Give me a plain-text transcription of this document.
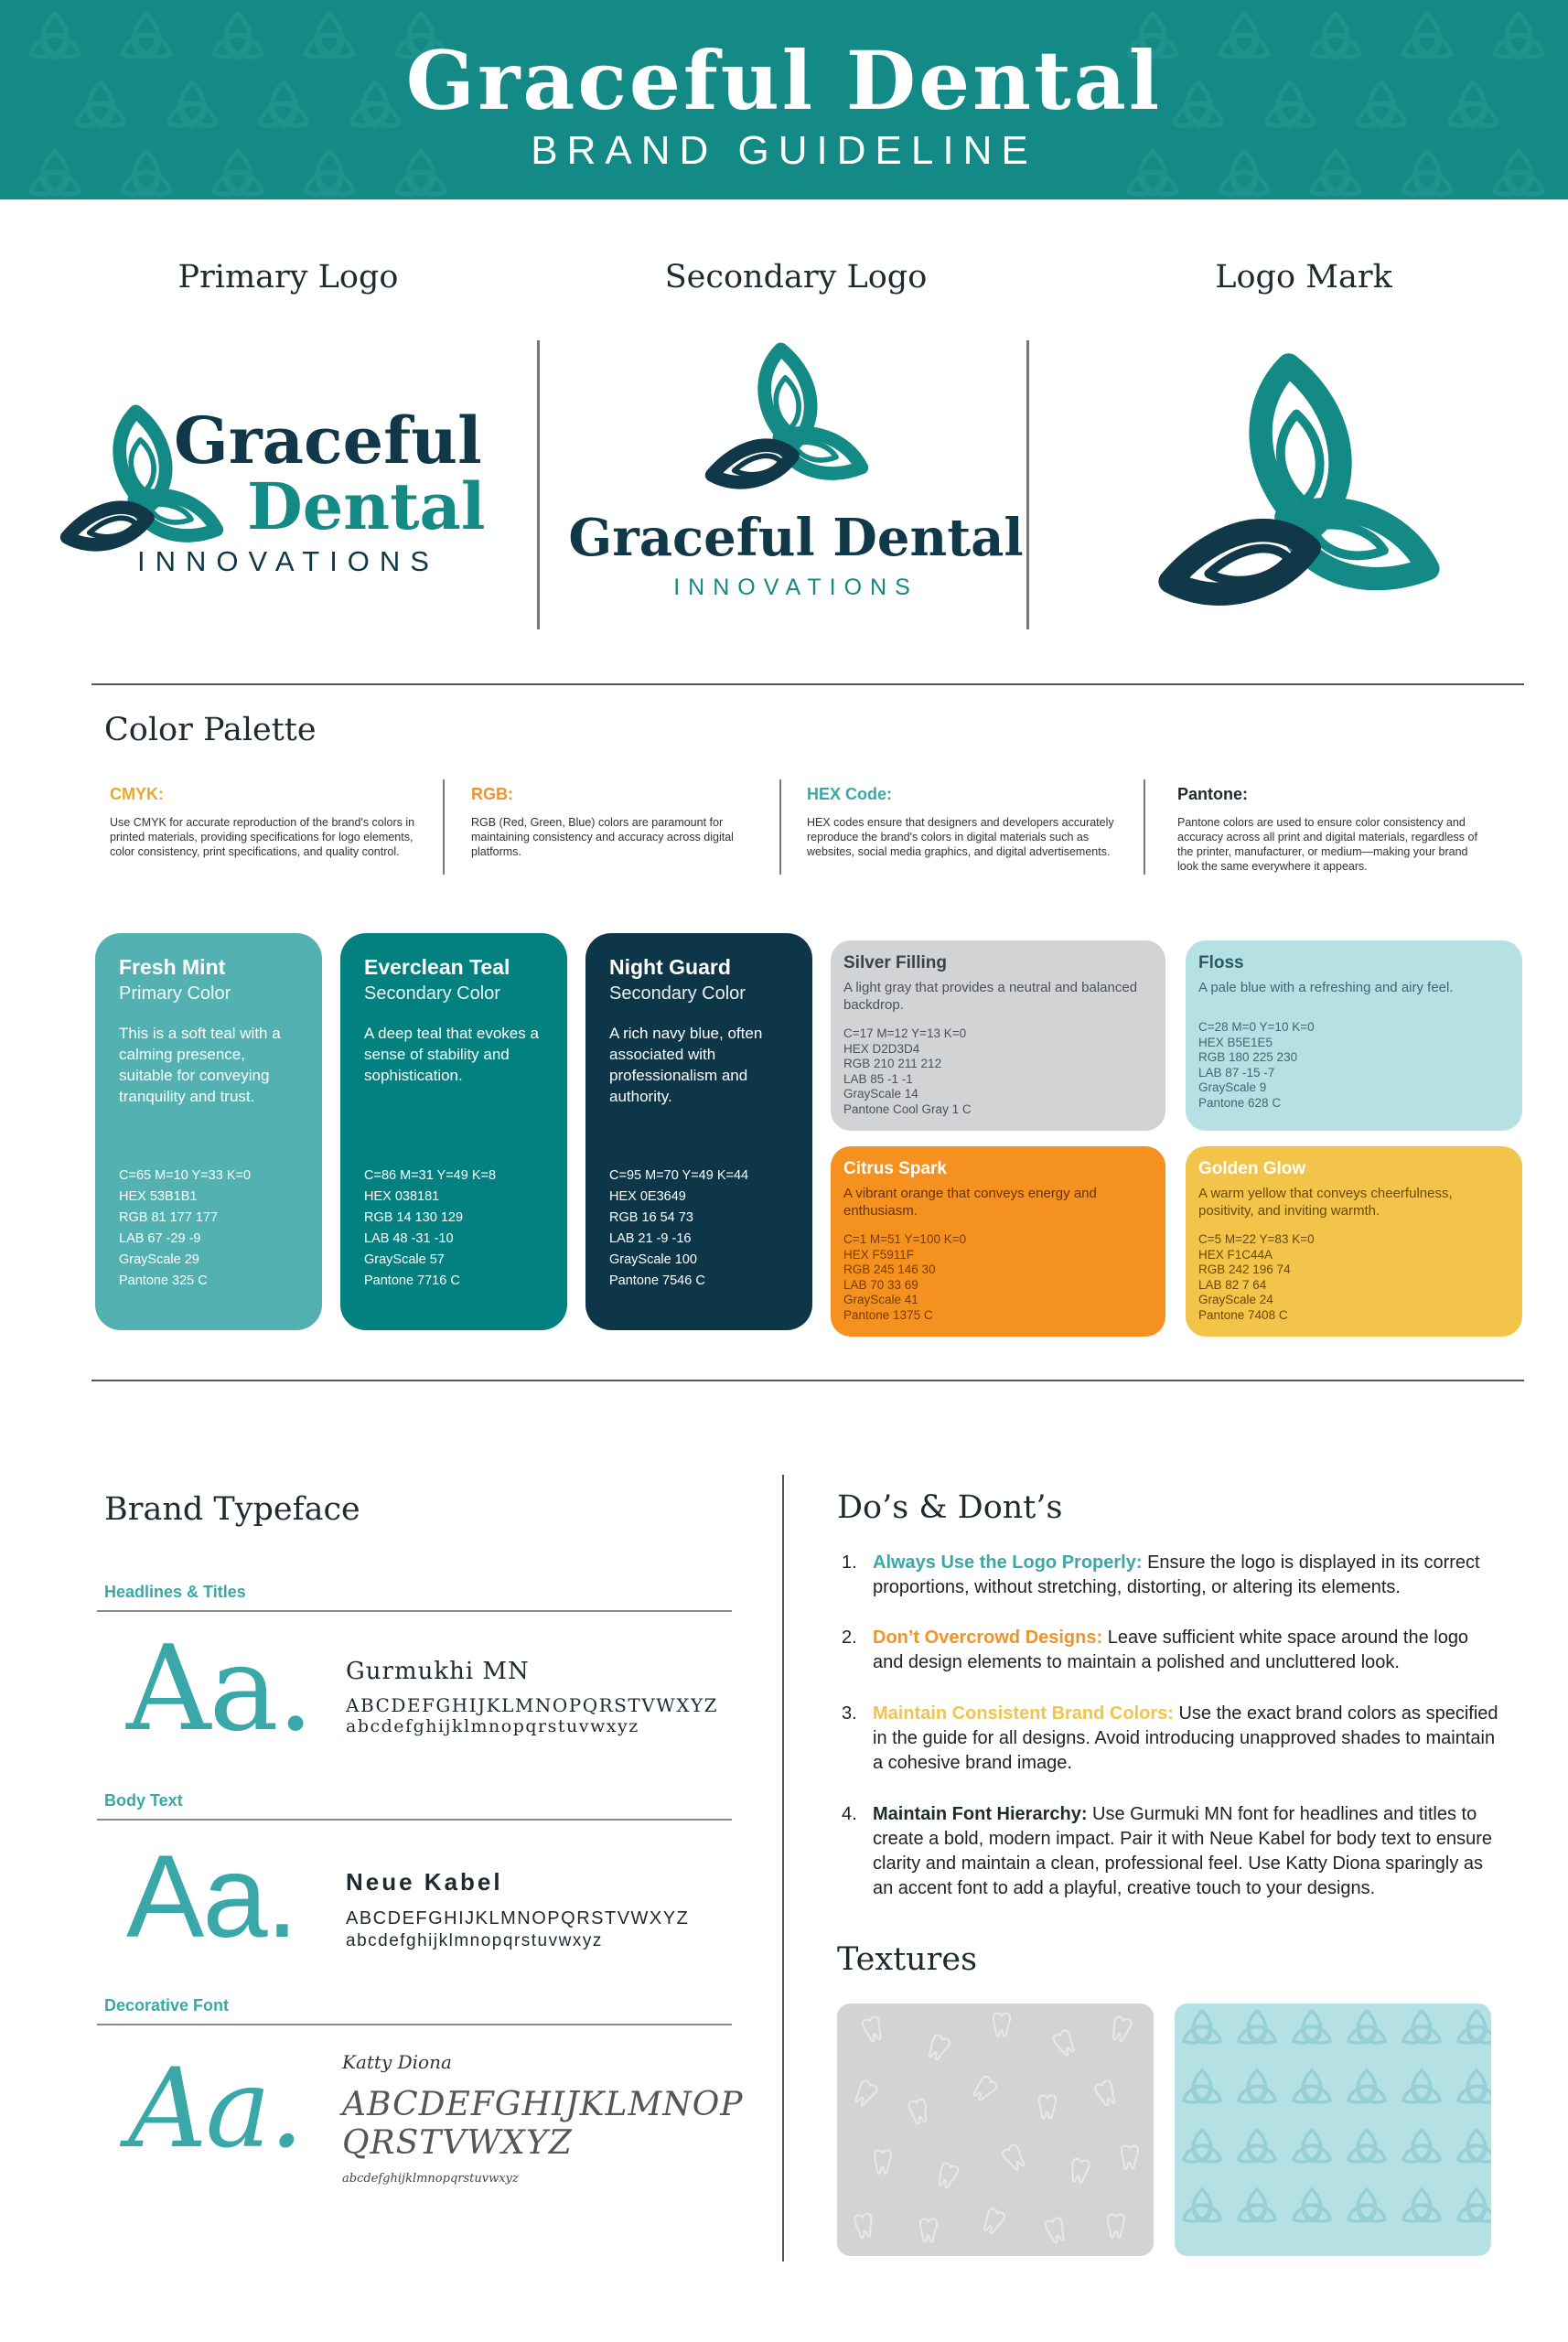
Graceful Dental
BRAND GUIDELINE
Primary Logo	Secondary Logo	Logo Mark
Graceful
Dental
INNOVATIONS	Graceful Dental
INNOVATIONS
Color Palette
CMYK:
Use CMYK for accurate reproduction of the brand's colors in printed materials, providing specifications for logo elements, color consistency, print specifications, and quality control.
RGB:
RGB (Red, Green, Blue) colors are paramount for maintaining consistency and accuracy across digital platforms.
HEX Code:
HEX codes ensure that designers and developers accurately reproduce the brand's colors in digital materials such as websites, social media graphics, and digital advertisements.
Pantone:
Pantone colors are used to ensure color consistency and accuracy across all print and digital materials, regardless of the printer, manufacturer, or medium—making your brand look the same everywhere it appears.
Fresh Mint
Primary Color
This is a soft teal with a calming presence, suitable for conveying tranquility and trust.
C=65 M=10 Y=33 K=0
HEX 53B1B1
RGB 81 177 177
LAB 67 -29 -9
GrayScale 29
Pantone 325 C
Everclean Teal
Secondary Color
A deep teal that evokes a sense of stability and sophistication.
C=86 M=31 Y=49 K=8
HEX 038181
RGB 14 130 129
LAB 48 -31 -10
GrayScale 57
Pantone 7716 C
Night Guard
Secondary Color
A rich navy blue, often associated with professionalism and authority.
C=95 M=70 Y=49 K=44
HEX 0E3649
RGB 16 54 73
LAB 21 -9 -16
GrayScale 100
Pantone 7546 C
Silver Filling
A light gray that provides a neutral and balanced backdrop.
C=17 M=12 Y=13 K=0
HEX D2D3D4
RGB 210 211 212
LAB 85 -1 -1
GrayScale 14
Pantone Cool Gray 1 C
Floss
A pale blue with a refreshing and airy feel.
C=28 M=0 Y=10 K=0
HEX B5E1E5
RGB 180 225 230
LAB 87 -15 -7
GrayScale 9
Pantone 628 C
Citrus Spark
A vibrant orange that conveys energy and enthusiasm.
C=1 M=51 Y=100 K=0
HEX F5911F
RGB 245 146 30
LAB 70 33 69
GrayScale 41
Pantone 1375 C
Golden Glow
A warm yellow that conveys cheerfulness, positivity, and inviting warmth.
C=5 M=22 Y=83 K=0
HEX F1C44A
RGB 242 196 74
LAB 82 7 64
GrayScale 24
Pantone 7408 C
Brand Typeface
Headlines & Titles
Aa. Gurmukhi MN
ABCDEFGHIJKLMNOPQRSTVWXYZ
abcdefghijklmnopqrstuvwxyz
Body Text
Aa. Neue Kabel
ABCDEFGHIJKLMNOPQRSTVWXYZ
abcdefghijklmnopqrstuvwxyz
Decorative Font
Aa. Katty Diona
ABCDEFGHIJKLMNOP
QRSTVWXYZ
abcdefghijklmnopqrstuvwxyz
Do’s & Dont’s
1. Always Use the Logo Properly: Ensure the logo is displayed in its correct proportions, without stretching, distorting, or altering its elements.
2. Don’t Overcrowd Designs: Leave sufficient white space around the logo and design elements to maintain a polished and uncluttered look.
3. Maintain Consistent Brand Colors: Use the exact brand colors as specified in the guide for all designs. Avoid introducing unapproved shades to maintain a cohesive brand image.
4. Maintain Font Hierarchy: Use Gurmuki MN font for headlines and titles to create a bold, modern impact. Pair it with Neue Kabel for body text to ensure clarity and maintain a clean, professional feel. Use Katty Diona sparingly as an accent font to add a playful, creative touch to your designs.
Textures
